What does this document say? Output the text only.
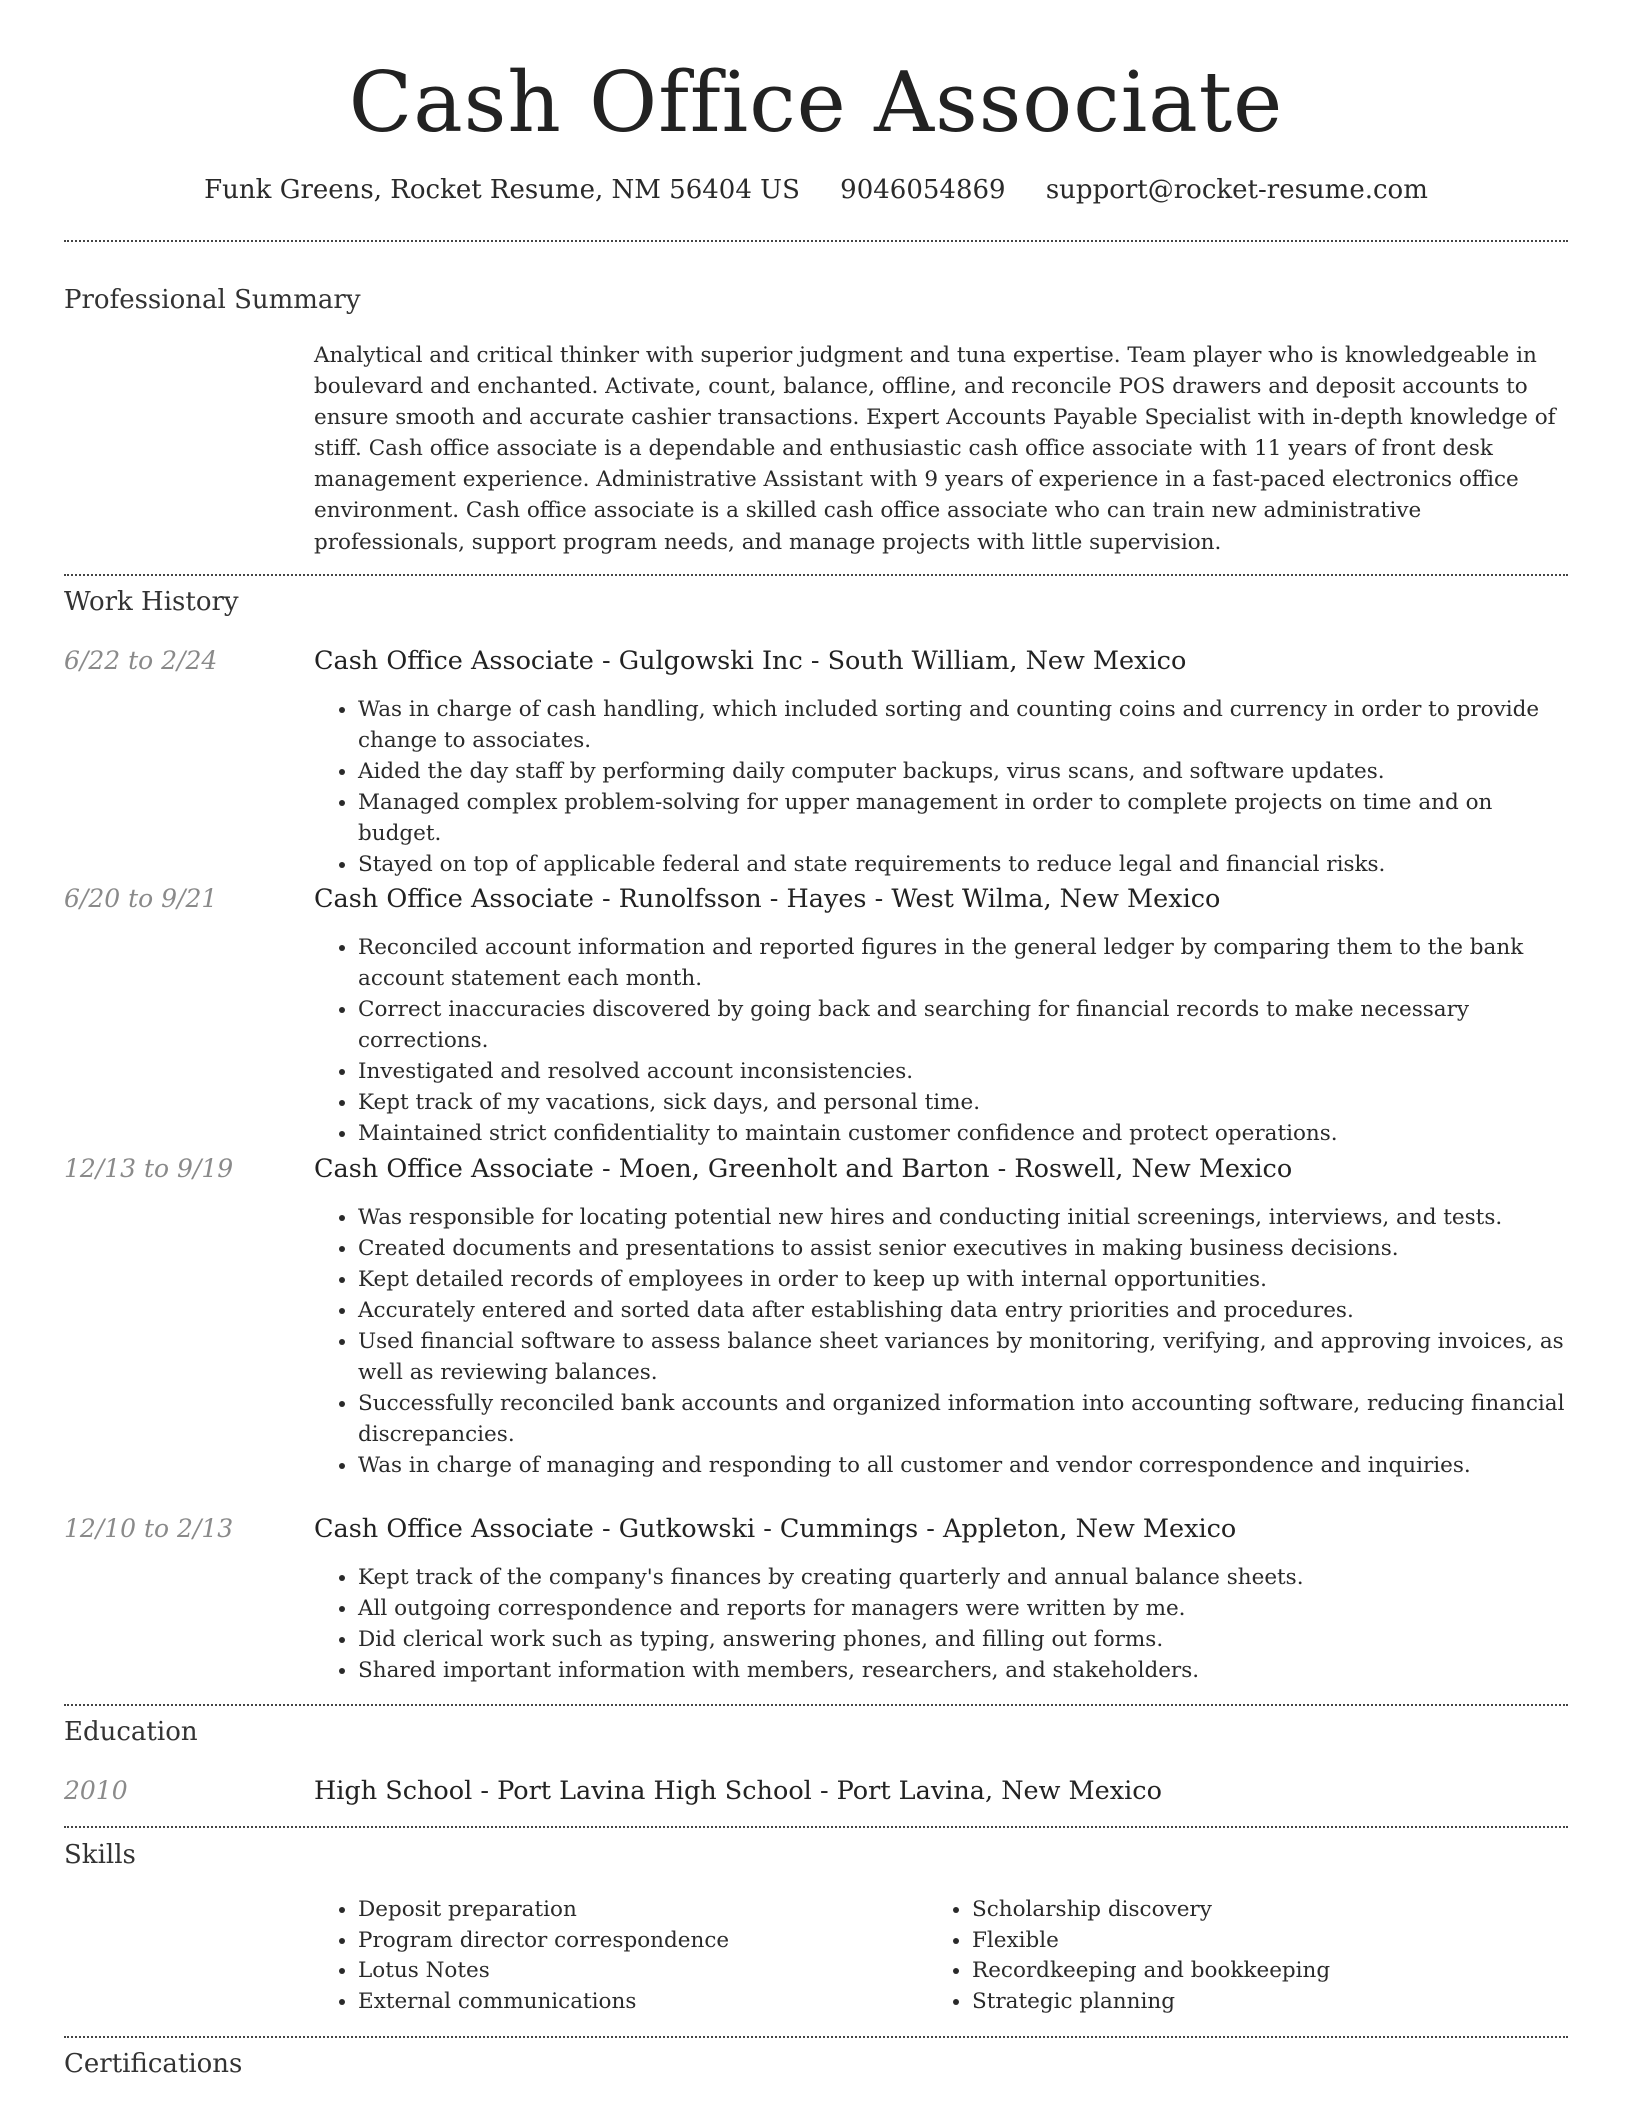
Cash Office Associate
Funk Greens, Rocket Resume, NM 56404 US 9046054869 support@rocket-resume.com
Professional Summary

Analytical and critical thinker with superior judgment and tuna expertise. Team player who is knowledgeable in boulevard and enchanted. Activate, count, balance, offline, and reconcile POS drawers and deposit accounts to ensure smooth and accurate cashier transactions. Expert Accounts Payable Specialist with in-depth knowledge of stiff. Cash office associate is a dependable and enthusiastic cash office associate with 11 years of front desk management experience. Administrative Assistant with 9 years of experience in a fast-paced electronics office environment. Cash office associate is a skilled cash office associate who can train new administrative professionals, support program needs, and manage projects with little supervision.

Work History
6/22 to 2/24	Cash Office Associate - Gulgowski Inc - South William, New Mexico
• Was in charge of cash handling, which included sorting and counting coins and currency in order to provide change to associates.
• Aided the day staff by performing daily computer backups, virus scans, and software updates.
• Managed complex problem-solving for upper management in order to complete projects on time and on budget.
• Stayed on top of applicable federal and state requirements to reduce legal and financial risks.
6/20 to 9/21	Cash Office Associate - Runolfsson - Hayes - West Wilma, New Mexico
• Reconciled account information and reported figures in the general ledger by comparing them to the bank account statement each month.
• Correct inaccuracies discovered by going back and searching for financial records to make necessary corrections.
• Investigated and resolved account inconsistencies.
• Kept track of my vacations, sick days, and personal time.
• Maintained strict confidentiality to maintain customer confidence and protect operations.
12/13 to 9/19	Cash Office Associate - Moen, Greenholt and Barton - Roswell, New Mexico
• Was responsible for locating potential new hires and conducting initial screenings, interviews, and tests.
• Created documents and presentations to assist senior executives in making business decisions.
• Kept detailed records of employees in order to keep up with internal opportunities.
• Accurately entered and sorted data after establishing data entry priorities and procedures.
• Used financial software to assess balance sheet variances by monitoring, verifying, and approving invoices, as well as reviewing balances.
• Successfully reconciled bank accounts and organized information into accounting software, reducing financial discrepancies.
• Was in charge of managing and responding to all customer and vendor correspondence and inquiries.
12/10 to 2/13	Cash Office Associate - Gutkowski - Cummings - Appleton, New Mexico
• Kept track of the company's finances by creating quarterly and annual balance sheets.
• All outgoing correspondence and reports for managers were written by me.
• Did clerical work such as typing, answering phones, and filling out forms.
• Shared important information with members, researchers, and stakeholders.
Education
2010	High School - Port Lavina High School - Port Lavina, New Mexico
Skills
• Deposit preparation
• Program director correspondence
• Lotus Notes
• External communications
• Scholarship discovery
• Flexible
• Recordkeeping and bookkeeping
• Strategic planning
Certifications
